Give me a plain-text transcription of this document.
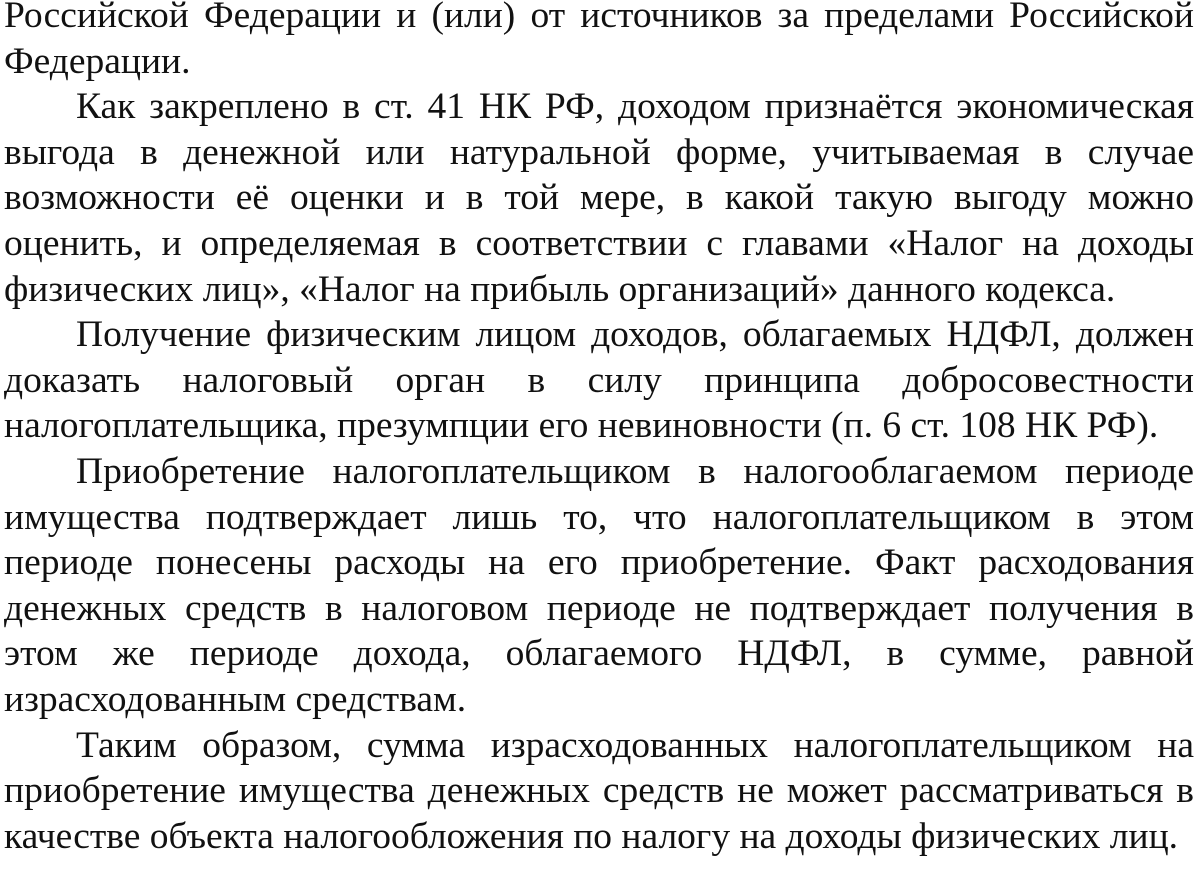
Российской Федерации и (или) от источников за пределами Российской Федерации.

Как закреплено в ст. 41 НК РФ, доходом признаётся экономическая выгода в денежной или натуральной форме, учитываемая в случае возможности её оценки и в той мере, в какой такую выгоду можно оценить, и определяемая в соответствии с главами «Налог на доходы физических лиц», «Налог на прибыль организаций» данного кодекса.

Получение физическим лицом доходов, облагаемых НДФЛ, должен доказать налоговый орган в силу принципа добросовестности налогоплательщика, презумпции его невиновности (п. 6 ст. 108 НК РФ).

Приобретение налогоплательщиком в налогооблагаемом периоде имущества подтверждает лишь то, что налогоплательщиком в этом периоде понесены расходы на его приобретение. Факт расходования денежных средств в налоговом периоде не подтверждает получения в этом же периоде дохода, облагаемого НДФЛ, в сумме, равной израсходованным средствам.

Таким образом, сумма израсходованных налогоплательщиком на приобретение имущества денежных средств не может рассматриваться в качестве объекта налогообложения по налогу на доходы физических лиц.
